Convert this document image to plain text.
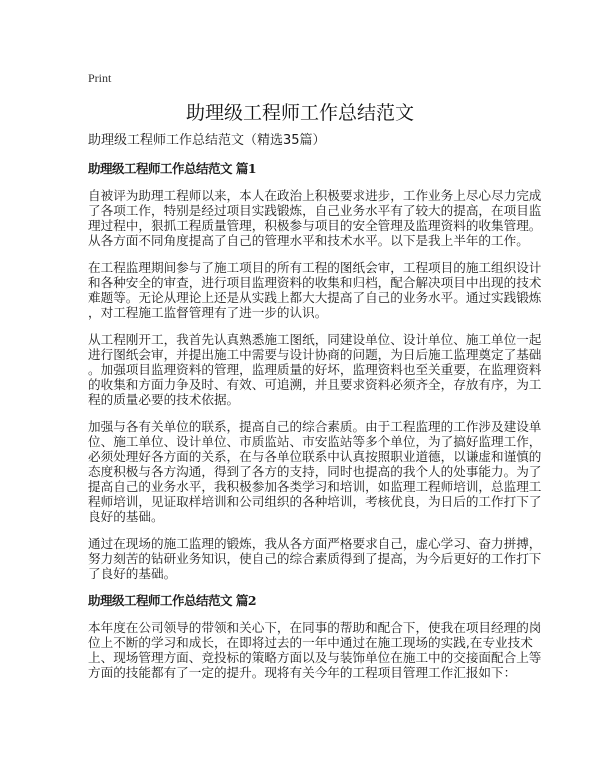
Print
助理级工程师工作总结范文
助理级工程师工作总结范文（精选35篇）
助理级工程师工作总结范文 篇1
自被评为助理工程师以来，本人在政治上积极要求进步，工作业务上尽心尽力完成
了各项工作，特别是经过项目实践锻炼，自己业务水平有了较大的提高，在项目监
理过程中，狠抓工程质量管理，积极参与项目的安全管理及监理资料的收集管理。
从各方面不同角度提高了自己的管理水平和技术水平。以下是我上半年的工作。
在工程监理期间参与了施工项目的所有工程的图纸会审，工程项目的施工组织设计
和各种安全的审查，进行项目监理资料的收集和归档，配合解决项目中出现的技术
难题等。无论从理论上还是从实践上都大大提高了自己的业务水平。通过实践锻炼
，对工程施工监督管理有了进一步的认识。
从工程刚开工，我首先认真熟悉施工图纸，同建设单位、设计单位、施工单位一起
进行图纸会审，并提出施工中需要与设计协商的问题，为日后施工监理奠定了基础
。加强项目监理资料的管理，监理质量的好坏，监理资料也至关重要，在监理资料
的收集和方面力争及时、有效、可追溯，并且要求资料必须齐全，存放有序，为工
程的质量必要的技术依据。
加强与各有关单位的联系，提高自己的综合素质。由于工程监理的工作涉及建设单
位、施工单位、设计单位、市质监站、市安监站等多个单位，为了搞好监理工作，
必须处理好各方面的关系，在与各单位联系中认真按照职业道德，以谦虚和谨慎的
态度积极与各方沟通，得到了各方的支持，同时也提高的我个人的处事能力。为了
提高自己的业务水平，我积极参加各类学习和培训，如监理工程师培训，总监理工
程师培训，见证取样培训和公司组织的各种培训，考核优良，为日后的工作打下了
良好的基础。
通过在现场的施工监理的锻炼，我从各方面严格要求自己，虚心学习、奋力拼搏，
努力刻苦的钻研业务知识，使自己的综合素质得到了提高，为今后更好的工作打下
了良好的基础。
助理级工程师工作总结范文 篇2
本年度在公司领导的带领和关心下，在同事的帮助和配合下，使我在项目经理的岗
位上不断的学习和成长，在即将过去的一年中通过在施工现场的实践,在专业技术
上、现场管理方面、竞投标的策略方面以及与装饰单位在施工中的交接面配合上等
方面的技能都有了一定的提升。现将有关今年的工程项目管理工作汇报如下：
